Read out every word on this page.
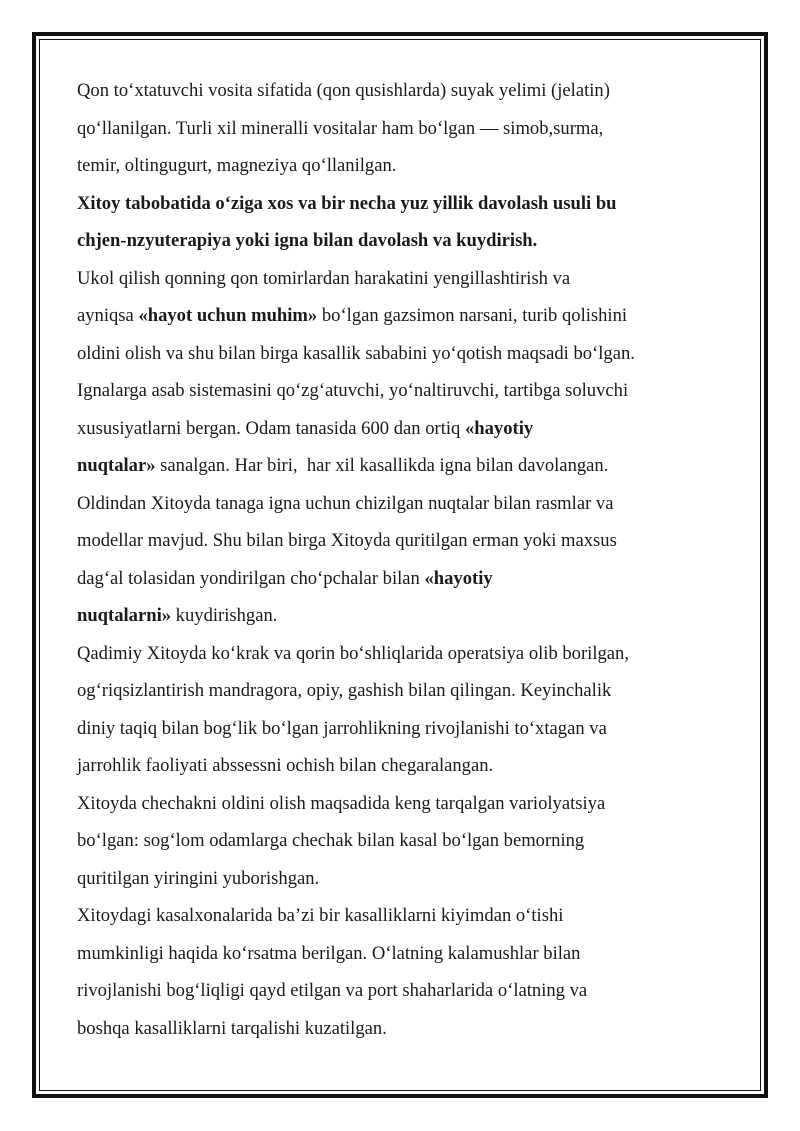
Qon to‘xtatuvchi vosita sifatida (qon qusishlarda) suyak yelimi (jelatin)
qo‘llanilgan. Turli xil mineralli vositalar ham bo‘lgan — simob,surma,
temir, oltingugurt, magneziya qo‘llanilgan.

Xitoy tabobatida o‘ziga xos va bir necha yuz yillik davolash usuli bu
chjen-nzyuterapiya yoki igna bilan davolash va kuydirish.

Ukol qilish qonning qon tomirlardan harakatini yengillashtirish va
ayniqsa «hayot uchun muhim» bo‘lgan gazsimon narsani, turib qolishini
oldini olish va shu bilan birga kasallik sababini yo‘qotish maqsadi bo‘lgan.
Ignalarga asab sistemasini qo‘zg‘atuvchi, yo‘naltiruvchi, tartibga soluvchi
xususiyatlarni bergan. Odam tanasida 600 dan ortiq «hayotiy
nuqtalar» sanalgan. Har biri,  har xil kasallikda igna bilan davolangan.
Oldindan Xitoyda tanaga igna uchun chizilgan nuqtalar bilan rasmlar va
modellar mavjud. Shu bilan birga Xitoyda quritilgan erman yoki maxsus
dag‘al tolasidan yondirilgan cho‘pchalar bilan «hayotiy
nuqtalarni» kuydirishgan.

Qadimiy Xitoyda ko‘krak va qorin bo‘shliqlarida operatsiya olib borilgan,
og‘riqsizlantirish mandragora, opiy, gashish bilan qilingan. Keyinchalik
diniy taqiq bilan bog‘lik bo‘lgan jarrohlikning rivojlanishi to‘xtagan va
jarrohlik faoliyati abssessni ochish bilan chegaralangan.

Xitoyda chechakni oldini olish maqsadida keng tarqalgan variolyatsiya
bo‘lgan: sog‘lom odamlarga chechak bilan kasal bo‘lgan bemorning
quritilgan yiringini yuborishgan.

Xitoydagi kasalxonalarida ba’zi bir kasalliklarni kiyimdan o‘tishi
mumkinligi haqida ko‘rsatma berilgan. O‘latning kalamushlar bilan
rivojlanishi bog‘liqligi qayd etilgan va port shaharlarida o‘latning va
boshqa kasalliklarni tarqalishi kuzatilgan.
